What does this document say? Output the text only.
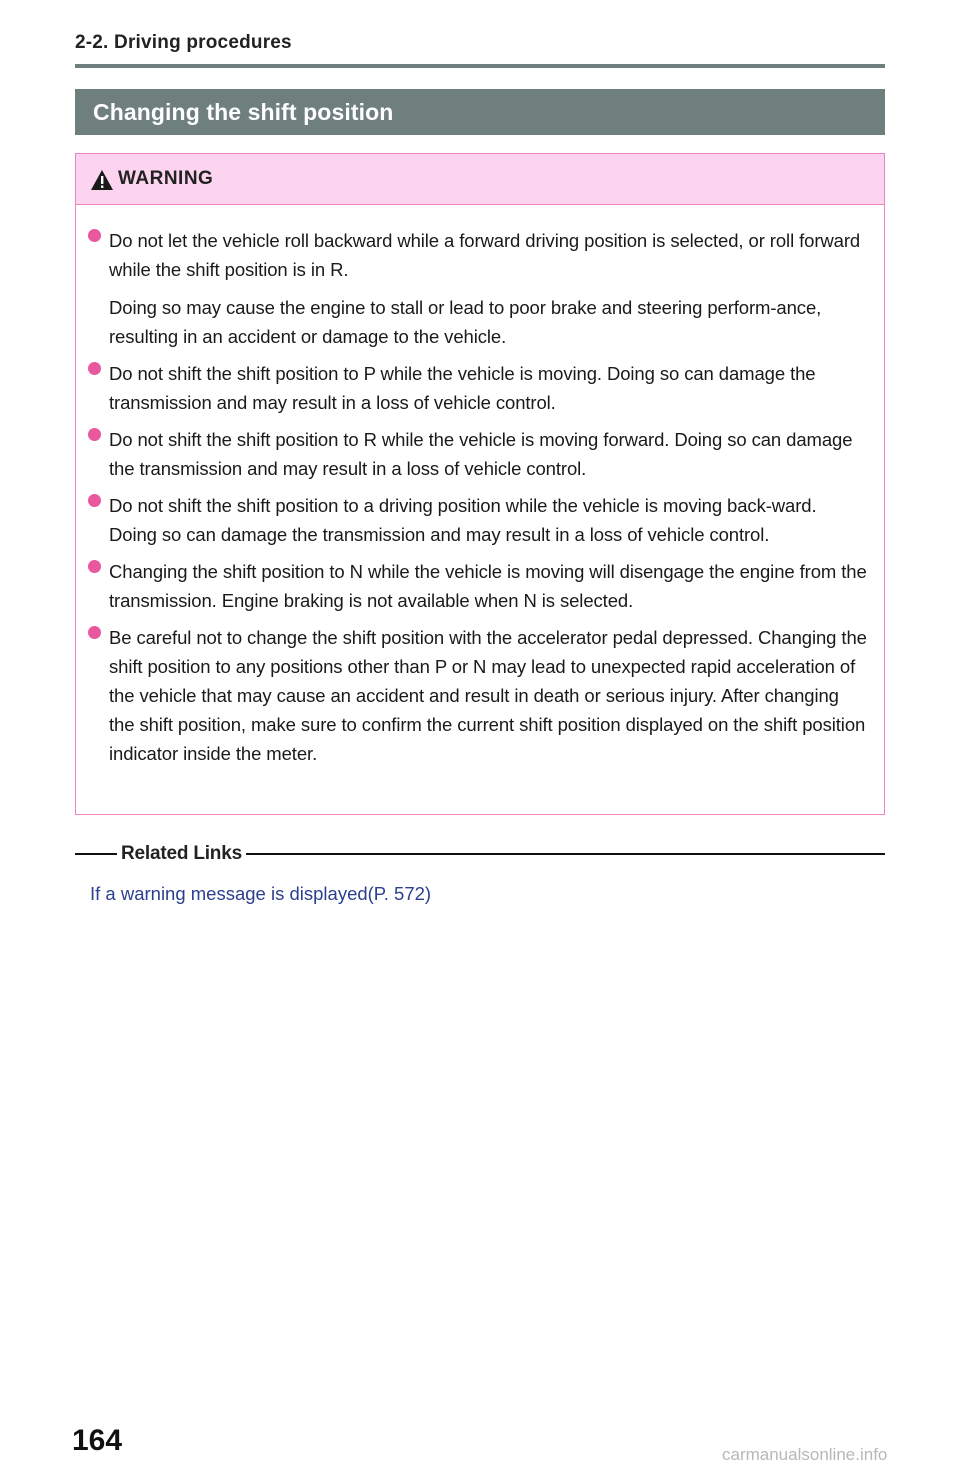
2-2. Driving procedures
Changing the shift position
WARNING

Do not let the vehicle roll backward while a forward driving position is selected, or roll forward while the shift position is in R.

Doing so may cause the engine to stall or lead to poor brake and steering perform-ance, resulting in an accident or damage to the vehicle.

Do not shift the shift position to P while the vehicle is moving. Doing so can damage the transmission and may result in a loss of vehicle control.

Do not shift the shift position to R while the vehicle is moving forward. Doing so can damage the transmission and may result in a loss of vehicle control.

Do not shift the shift position to a driving position while the vehicle is moving back-ward. Doing so can damage the transmission and may result in a loss of vehicle control.

Changing the shift position to N while the vehicle is moving will disengage the engine from the transmission. Engine braking is not available when N is selected.

Be careful not to change the shift position with the accelerator pedal depressed. Changing the shift position to any positions other than P or N may lead to unexpected rapid acceleration of the vehicle that may cause an accident and result in death or serious injury. After changing the shift position, make sure to confirm the current shift position displayed on the shift position indicator inside the meter.

Related Links
If a warning message is displayed(P. 572)
164	carmanualsonline.info
